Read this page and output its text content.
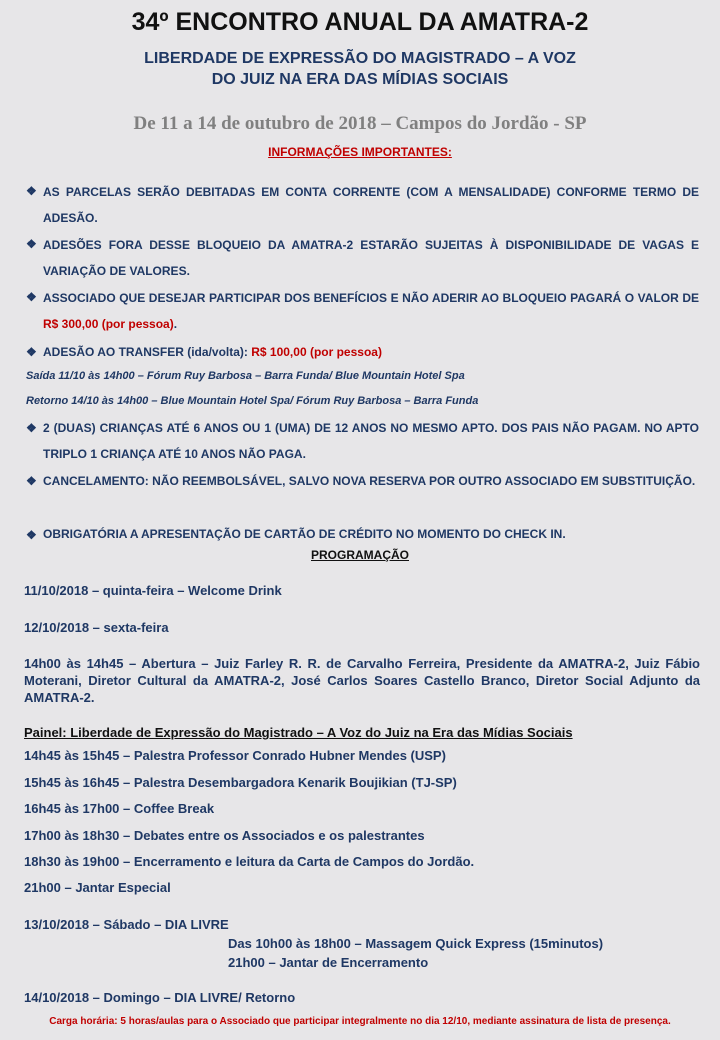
34º ENCONTRO ANUAL DA AMATRA-2
LIBERDADE DE EXPRESSÃO DO MAGISTRADO – A VOZ
DO JUIZ NA ERA DAS MÍDIAS SOCIAIS
De 11 a 14 de outubro de 2018 – Campos do Jordão - SP
INFORMAÇÕES IMPORTANTES:
❖ AS PARCELAS SERÃO DEBITADAS EM CONTA CORRENTE (COM A MENSALIDADE) CONFORME TERMO DE ADESÃO.
❖ ADESÕES FORA DESSE BLOQUEIO DA AMATRA-2 ESTARÃO SUJEITAS À DISPONIBILIDADE DE VAGAS E VARIAÇÃO DE VALORES.
❖ ASSOCIADO QUE DESEJAR PARTICIPAR DOS BENEFÍCIOS E NÃO ADERIR AO BLOQUEIO PAGARÁ O VALOR DE R$ 300,00 (por pessoa).
❖ ADESÃO AO TRANSFER (ida/volta): R$ 100,00 (por pessoa)
Saída 11/10 às 14h00 – Fórum Ruy Barbosa – Barra Funda/ Blue Mountain Hotel Spa
Retorno 14/10 às 14h00 – Blue Mountain Hotel Spa/ Fórum Ruy Barbosa – Barra Funda
❖ 2 (DUAS) CRIANÇAS ATÉ 6 ANOS OU 1 (UMA) DE 12 ANOS NO MESMO APTO. DOS PAIS NÃO PAGAM. NO APTO TRIPLO 1 CRIANÇA ATÉ 10 ANOS NÃO PAGA.
❖ CANCELAMENTO: NÃO REEMBOLSÁVEL, SALVO NOVA RESERVA POR OUTRO ASSOCIADO EM SUBSTITUIÇÃO.
❖ OBRIGATÓRIA A APRESENTAÇÃO DE CARTÃO DE CRÉDITO NO MOMENTO DO CHECK IN.
PROGRAMAÇÃO
11/10/2018 – quinta-feira – Welcome Drink
12/10/2018 – sexta-feira
14h00 às 14h45 – Abertura – Juiz Farley R. R. de Carvalho Ferreira, Presidente da AMATRA-2, Juiz Fábio Moterani, Diretor Cultural da AMATRA-2, José Carlos Soares Castello Branco, Diretor Social Adjunto da AMATRA-2.
Painel: Liberdade de Expressão do Magistrado – A Voz do Juiz na Era das Mídias Sociais
14h45 às 15h45 – Palestra Professor Conrado Hubner Mendes (USP)
15h45 às 16h45 – Palestra Desembargadora Kenarik Boujikian (TJ-SP)
16h45 às 17h00 – Coffee Break
17h00 às 18h30 – Debates entre os Associados e os palestrantes
18h30 às 19h00 – Encerramento e leitura da Carta de Campos do Jordão.
21h00 – Jantar Especial
13/10/2018 – Sábado – DIA LIVRE
Das 10h00 às 18h00 – Massagem Quick Express (15minutos)
21h00 – Jantar de Encerramento
14/10/2018 – Domingo – DIA LIVRE/ Retorno
Carga horária: 5 horas/aulas para o Associado que participar integralmente no dia 12/10, mediante assinatura de lista de presença.
